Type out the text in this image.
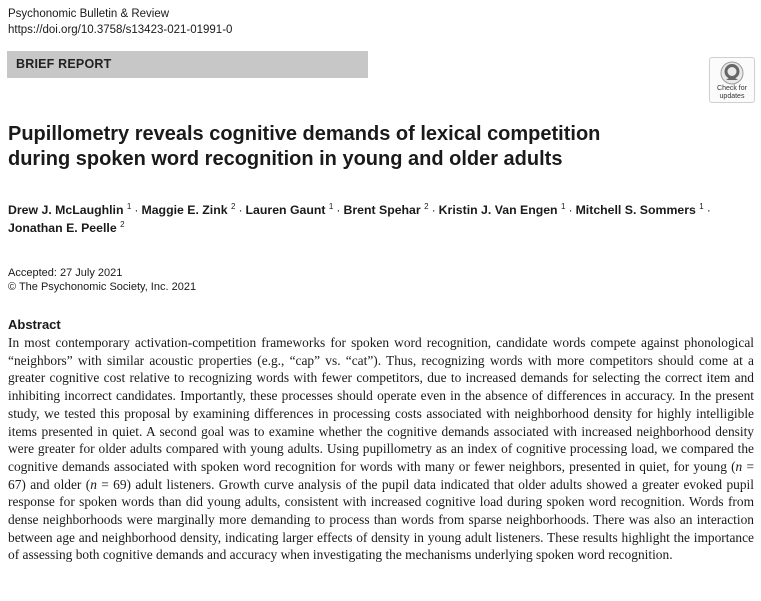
Psychonomic Bulletin & Review
https://doi.org/10.3758/s13423-021-01991-0
BRIEF REPORT
Check for
updates
Pupillometry reveals cognitive demands of lexical competition
during spoken word recognition in young and older adults
Drew J. McLaughlin $^1$ · Maggie E. Zink $^2$ · Lauren Gaunt $^1$ · Brent Spehar $^2$ · Kristin J. Van Engen $^1$ · Mitchell S. Sommers $^1$ ·
Jonathan E. Peelle $^2$
Accepted: 27 July 2021
© The Psychonomic Society, Inc. 2021
Abstract
In most contemporary activation-competition frameworks for spoken word recognition, candidate words compete against phonological “neighbors” with similar acoustic properties (e.g., “cap” vs. “cat”). Thus, recognizing words with more competitors should come at a greater cognitive cost relative to recognizing words with fewer competitors, due to increased demands for selecting the correct item and inhibiting incorrect candidates. Importantly, these processes should operate even in the absence of differences in accuracy. In the present study, we tested this proposal by examining differences in processing costs associated with neighborhood density for highly intelligible items presented in quiet. A second goal was to examine whether the cognitive demands associated with increased neighborhood density were greater for older adults compared with young adults. Using pupillometry as an index of cognitive processing load, we compared the cognitive demands associated with spoken word recognition for words with many or fewer neighbors, presented in quiet, for young (n = 67) and older (n = 69) adult listeners. Growth curve analysis of the pupil data indicated that older adults showed a greater evoked pupil response for spoken words than did young adults, consistent with increased cognitive load during spoken word recognition. Words from dense neighborhoods were marginally more demanding to process than words from sparse neighborhoods. There was also an interaction between age and neighborhood density, indicating larger effects of density in young adult listeners. These results highlight the importance of assessing both cognitive demands and accuracy when investigating the mechanisms underlying spoken word recognition.
